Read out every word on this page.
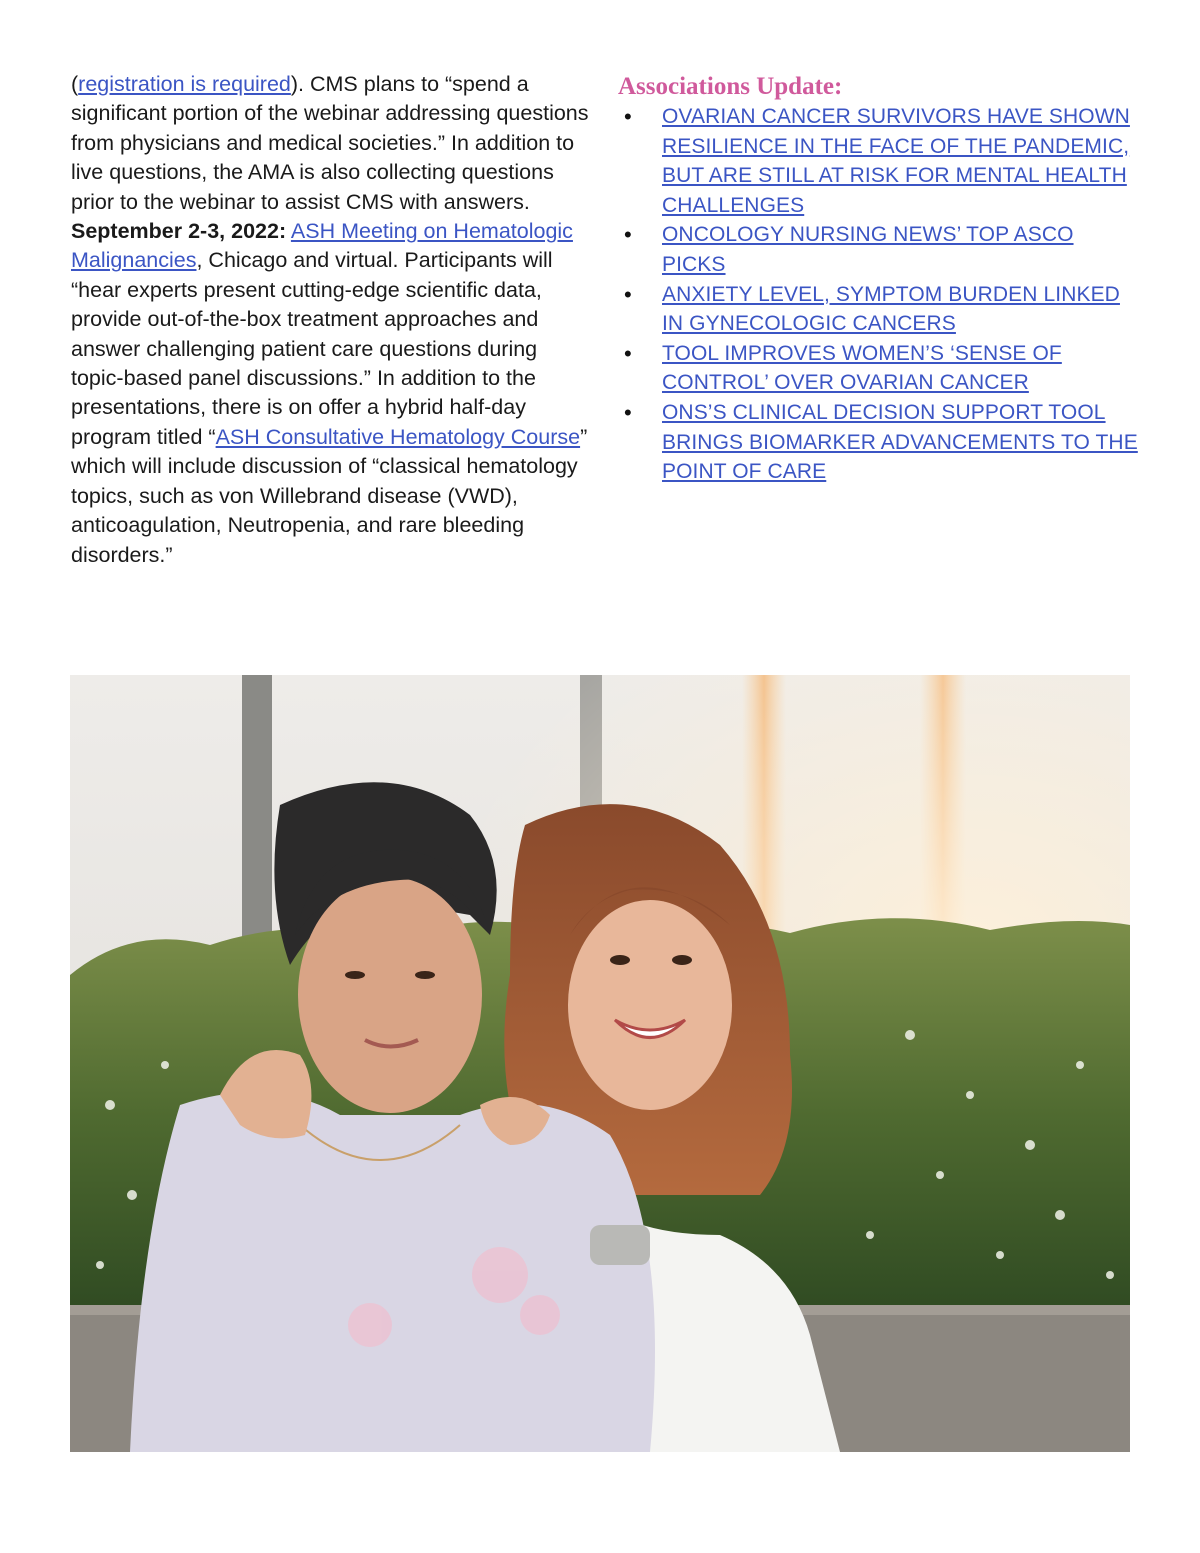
(registration is required). CMS plans to “spend a significant portion of the webinar addressing questions from physicians and medical societies.” In addition to live questions, the AMA is also collecting questions prior to the webinar to assist CMS with answers.

September 2-3, 2022: ASH Meeting on Hematologic Malignancies, Chicago and virtual. Participants will “hear experts present cutting-edge scientific data, provide out-of-the-box treatment approaches and answer challenging patient care questions during topic-based panel discussions.” In addition to the presentations, there is on offer a hybrid half-day program titled “ASH Consultative Hematology Course” which will include discussion of “classical hematology topics, such as von Willebrand disease (VWD), anticoagulation, Neutropenia, and rare bleeding disorders.”

Associations Update:
• OVARIAN CANCER SURVIVORS HAVE SHOWN RESILIENCE IN THE FACE OF THE PANDEMIC, BUT ARE STILL AT RISK FOR MENTAL HEALTH CHALLENGES
• ONCOLOGY NURSING NEWS’ TOP ASCO PICKS
• ANXIETY LEVEL, SYMPTOM BURDEN LINKED IN GYNECOLOGIC CANCERS
• TOOL IMPROVES WOMEN’S ‘SENSE OF CONTROL’ OVER OVARIAN CANCER
• ONS’S CLINICAL DECISION SUPPORT TOOL BRINGS BIOMARKER ADVANCEMENTS TO THE POINT OF CARE
